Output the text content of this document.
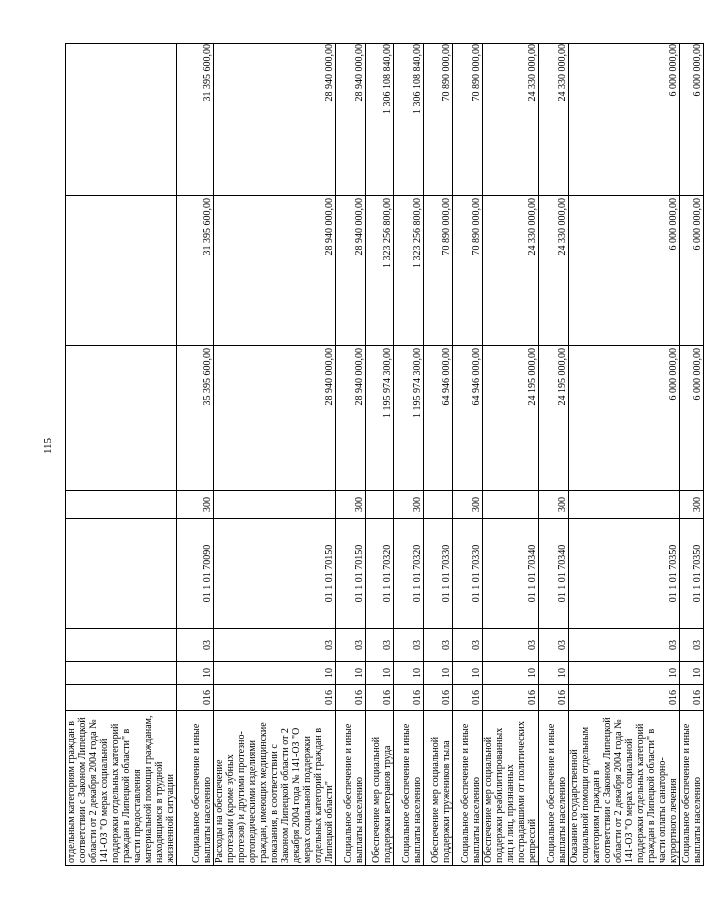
115
отдельным категориям граждан в соответствии с Законом Липецкой области от 2 декабря 2004 года № 141-ОЗ "О мерах социальной поддержки отдельных категорий граждан в Липецкой области" в части предоставления материальной помощи гражданам, находящимся в трудной жизненной ситуации								
Социальное обеспечение и иные выплаты населению	016	10	03	01 1 01 70090	300	35 395 600,00	31 395 600,00	31 395 600,00
Расходы на обеспечение протезами (кроме зубных протезов) и другими протезно-ортопедическими изделиями граждан, имеющих медицинские показания, в соответствии с Законом Липецкой области от 2 декабря 2004 года № 141-ОЗ "О мерах социальной поддержки отдельных категорий граждан в Липецкой области"	016	10	03	01 1 01 70150		28 940 000,00	28 940 000,00	28 940 000,00
Социальное обеспечение и иные выплаты населению	016	10	03	01 1 01 70150	300	28 940 000,00	28 940 000,00	28 940 000,00
Обеспечение мер социальной поддержки ветеранов труда	016	10	03	01 1 01 70320		1 195 974 300,00	1 323 256 800,00	1 306 108 840,00
Социальное обеспечение и иные выплаты населению	016	10	03	01 1 01 70320	300	1 195 974 300,00	1 323 256 800,00	1 306 108 840,00
Обеспечение мер социальной поддержки тружеников тыла	016	10	03	01 1 01 70330		64 946 000,00	70 890 000,00	70 890 000,00
Социальное обеспечение и иные выплаты населению	016	10	03	01 1 01 70330	300	64 946 000,00	70 890 000,00	70 890 000,00
Обеспечение мер социальной поддержки реабилитированных лиц и лиц, признанных пострадавшими от политических репрессий	016	10	03	01 1 01 70340		24 195 000,00	24 330 000,00	24 330 000,00
Социальное обеспечение и иные выплаты населению	016	10	03	01 1 01 70340	300	24 195 000,00	24 330 000,00	24 330 000,00
Оказание государственной социальной помощи отдельным категориям граждан в соответствии с Законом Липецкой области от 2 декабря 2004 года № 141-ОЗ "О мерах социальной поддержки отдельных категорий граждан в Липецкой области" в части оплаты санаторно-курортного лечения	016	10	03	01 1 01 70350		6 000 000,00	6 000 000,00	6 000 000,00
Социальное обеспечение и иные выплаты населению	016	10	03	01 1 01 70350	300	6 000 000,00	6 000 000,00	6 000 000,00
